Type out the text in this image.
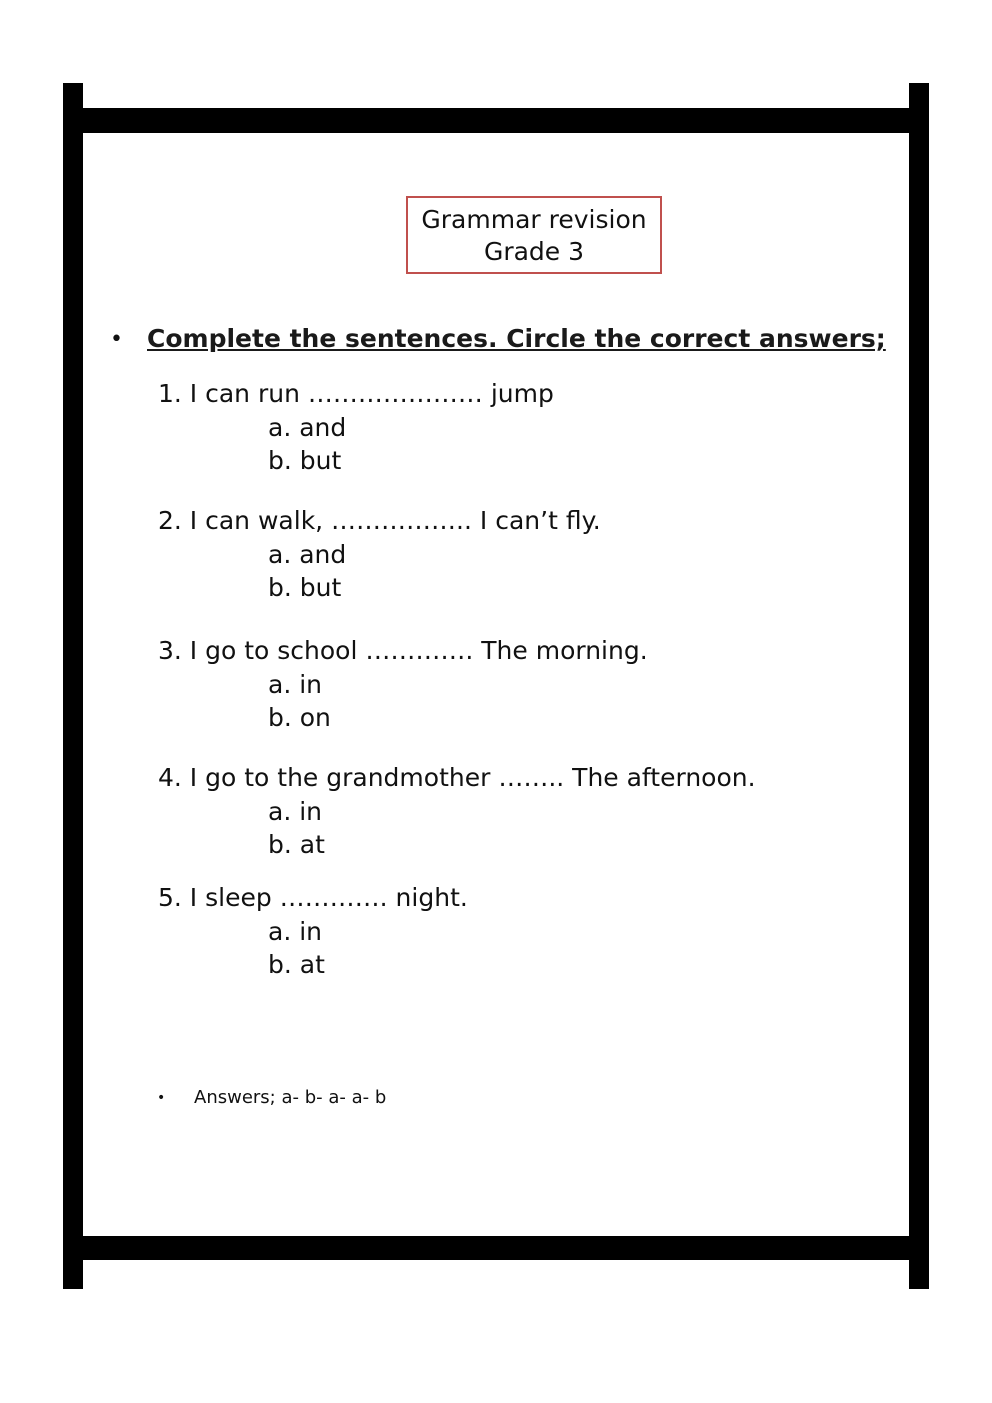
Grammar revision
Grade 3
• Complete the sentences. Circle the correct answers;
1. I can run ………………… jump
a. and
b. but
2. I can walk, …………….. I can’t fly.
a. and
b. but
3. I go to school …………. The morning.
a. in
b. on
4. I go to the grandmother …….. The afternoon.
a. in
b. at
5. I sleep …………. night.
a. in
b. at
• Answers; a- b- a- a- b
